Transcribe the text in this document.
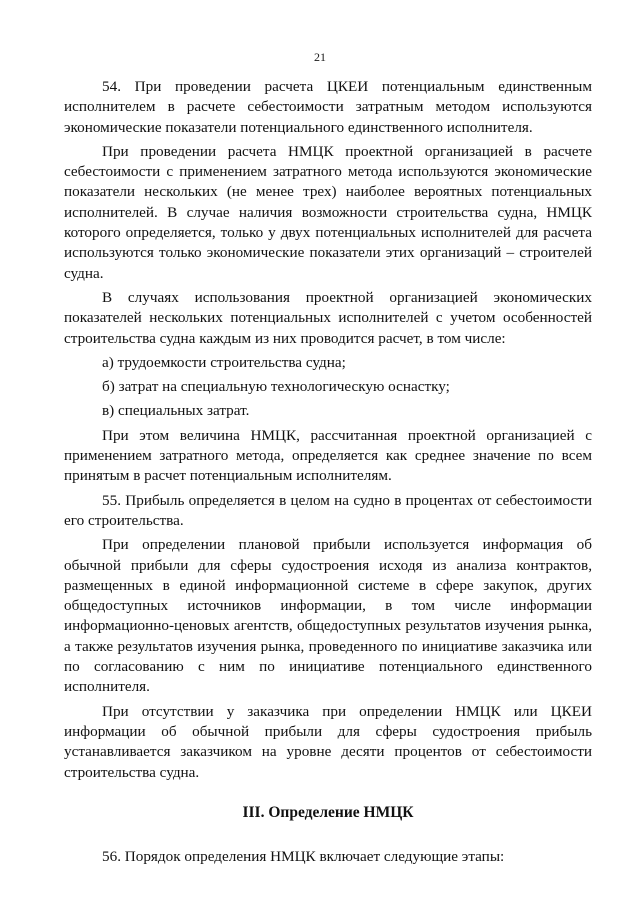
21

54. При проведении расчета ЦКЕИ потенциальным единственным исполнителем в расчете себестоимости затратным методом используются экономические показатели потенциального единственного исполнителя.

При проведении расчета НМЦК проектной организацией в расчете себестоимости с применением затратного метода используются экономические показатели нескольких (не менее трех) наиболее вероятных потенциальных исполнителей. В случае наличия возможности строительства судна, НМЦК которого определяется, только у двух потенциальных исполнителей для расчета используются только экономические показатели этих организаций – строителей судна.

В случаях использования проектной организацией экономических показателей нескольких потенциальных исполнителей с учетом особенностей строительства судна каждым из них проводится расчет, в том числе:

а) трудоемкости строительства судна;

б) затрат на специальную технологическую оснастку;

в) специальных затрат.

При этом величина НМЦК, рассчитанная проектной организацией с применением затратного метода, определяется как среднее значение по всем принятым в расчет потенциальным исполнителям.

55. Прибыль определяется в целом на судно в процентах от себестоимости его строительства.

При определении плановой прибыли используется информация об обычной прибыли для сферы судостроения исходя из анализа контрактов, размещенных в единой информационной системе в сфере закупок, других общедоступных источников информации, в том числе информации информационно-ценовых агентств, общедоступных результатов изучения рынка, а также результатов изучения рынка, проведенного по инициативе заказчика или по согласованию с ним по инициативе потенциального единственного исполнителя.

При отсутствии у заказчика при определении НМЦК или ЦКЕИ информации об обычной прибыли для сферы судостроения прибыль устанавливается заказчиком на уровне десяти процентов от себестоимости строительства судна.

III. Определение НМЦК

56. Порядок определения НМЦК включает следующие этапы:
